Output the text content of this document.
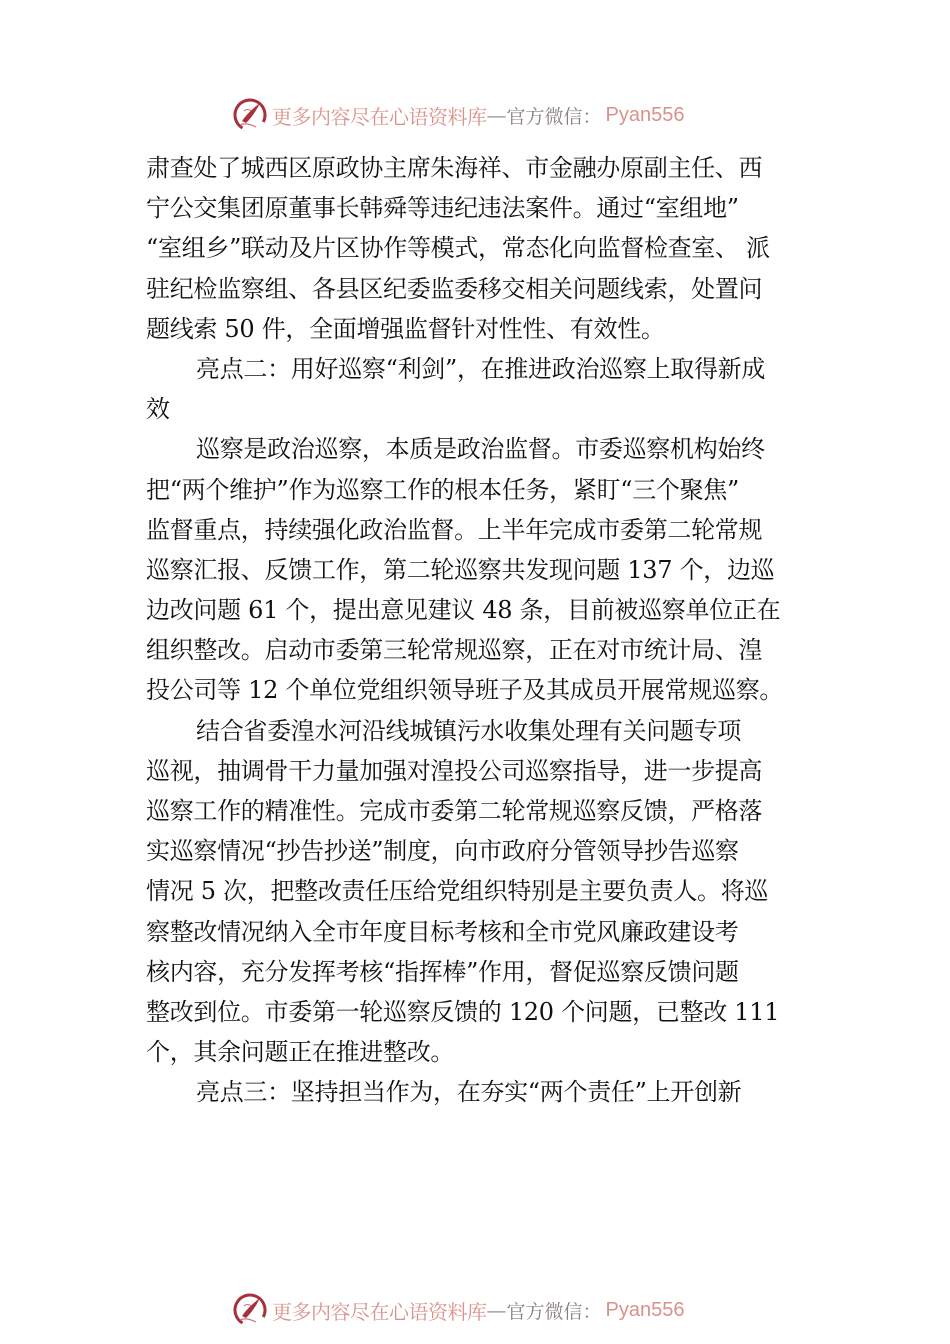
更多内容尽在心语资料库 — 官方微信： Pyan556
肃查处了城西区原政协主席朱海祥、市金融办原副主任、西
宁公交集团原董事长韩舜等违纪违法案件。通过“室组地”
“室组乡”联动及片区协作等模式，常态化向监督检查室、 派
驻纪检监察组、各县区纪委监委移交相关问题线索，处置问
题线索 50 件，全面增强监督针对性性、有效性。
亮点二：用好巡察“利剑”，在推进政治巡察上取得新成
效
巡察是政治巡察，本质是政治监督。市委巡察机构始终
把“两个维护”作为巡察工作的根本任务，紧盯“三个聚焦”
监督重点，持续强化政治监督。上半年完成市委第二轮常规
巡察汇报、反馈工作，第二轮巡察共发现问题 137 个，边巡
边改问题 61 个，提出意见建议 48 条，目前被巡察单位正在
组织整改。启动市委第三轮常规巡察，正在对市统计局、湟
投公司等 12 个单位党组织领导班子及其成员开展常规巡察。
结合省委湟水河沿线城镇污水收集处理有关问题专项
巡视，抽调骨干力量加强对湟投公司巡察指导，进一步提高
巡察工作的精准性。完成市委第二轮常规巡察反馈，严格落
实巡察情况“抄告抄送”制度，向市政府分管领导抄告巡察
情况 5 次，把整改责任压给党组织特别是主要负责人。将巡
察整改情况纳入全市年度目标考核和全市党风廉政建设考
核内容，充分发挥考核“指挥棒”作用，督促巡察反馈问题
整改到位。市委第一轮巡察反馈的 120 个问题，已整改 111
个，其余问题正在推进整改。
亮点三：坚持担当作为，在夯实“两个责任”上开创新
更多内容尽在心语资料库 — 官方微信： Pyan556
